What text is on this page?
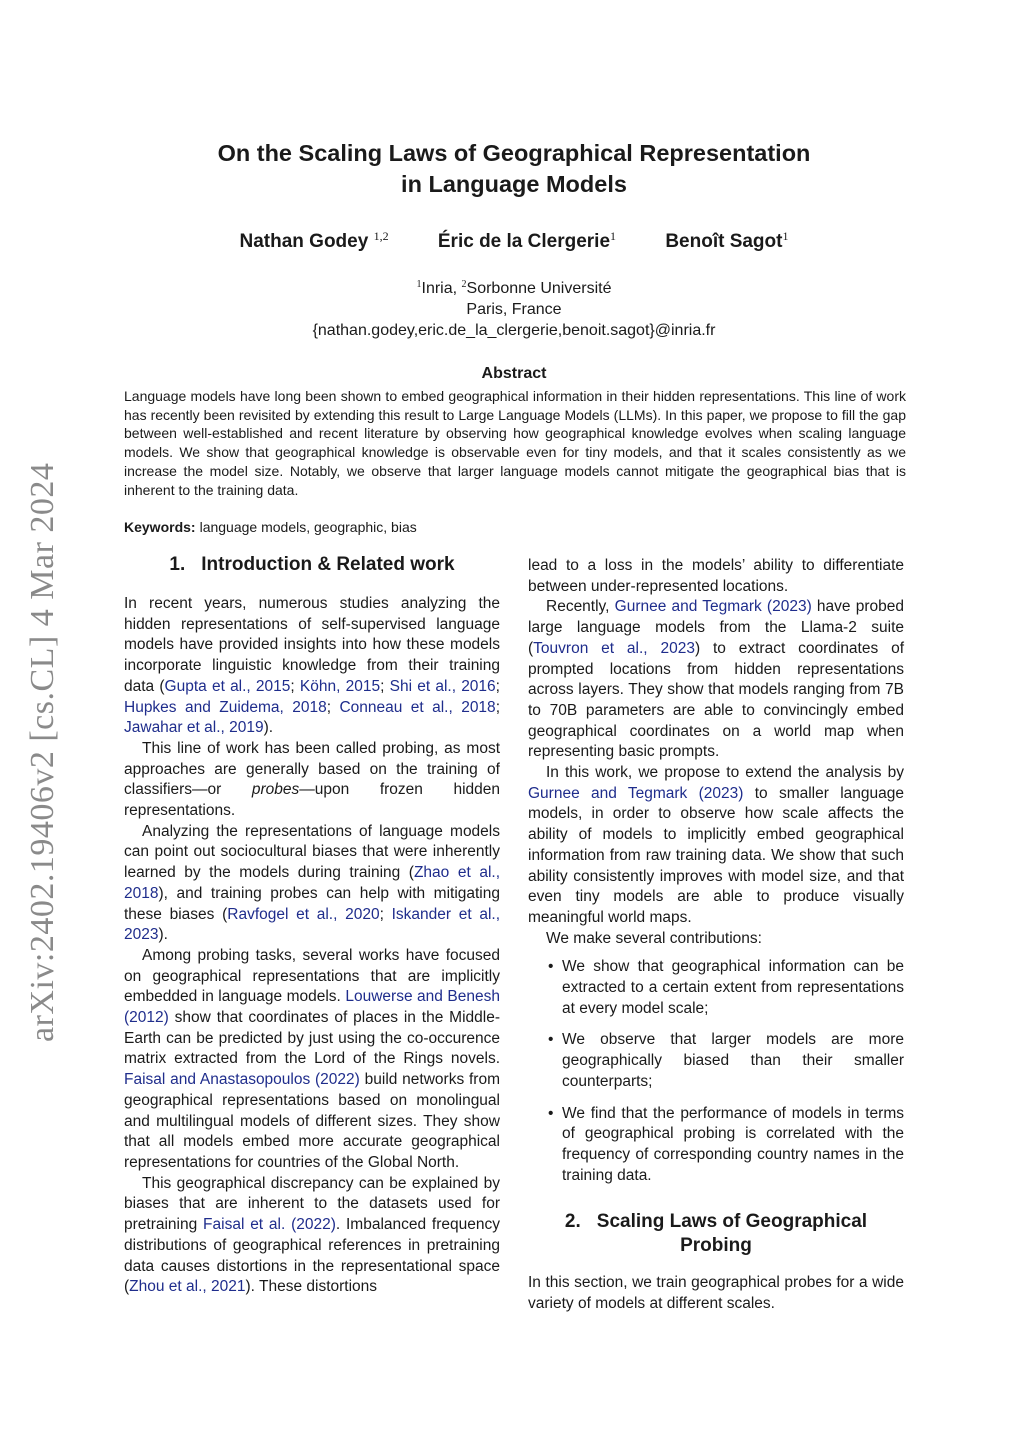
arXiv:2402.19406v2 [cs.CL] 4 Mar 2024
On the Scaling Laws of Geographical Representation
in Language Models
Nathan Godey $^{1,2}$	Éric de la Clergerie$^1$	Benoît Sagot$^1$
$^1$Inria, $^2$Sorbonne Université
Paris, France
{nathan.godey,eric.de_la_clergerie,benoit.sagot}@inria.fr
Abstract
Language models have long been shown to embed geographical information in their hidden representations. This line of work has recently been revisited by extending this result to Large Language Models (LLMs). In this paper, we propose to fill the gap between well-established and recent literature by observing how geographical knowledge evolves when scaling language models. We show that geographical knowledge is observable even for tiny models, and that it scales consistently as we increase the model size. Notably, we observe that larger language models cannot mitigate the geographical bias that is inherent to the training data.
Keywords: language models, geographic, bias
1. Introduction & Related work

In recent years, numerous studies analyzing the hidden representations of self-supervised language models have provided insights into how these models incorporate linguistic knowledge from their training data (Gupta et al., 2015; Köhn, 2015; Shi et al., 2016; Hupkes and Zuidema, 2018; Conneau et al., 2018; Jawahar et al., 2019).

This line of work has been called probing, as most approaches are generally based on the training of classifiers—or probes—upon frozen hidden representations.

Analyzing the representations of language models can point out sociocultural biases that were inherently learned by the models during training (Zhao et al., 2018), and training probes can help with mitigating these biases (Ravfogel et al., 2020; Iskander et al., 2023).

Among probing tasks, several works have focused on geographical representations that are implicitly embedded in language models. Louwerse and Benesh (2012) show that coordinates of places in the Middle-Earth can be predicted by just using the co-occurence matrix extracted from the Lord of the Rings novels. Faisal and Anastasopoulos (2022) build networks from geographical representations based on monolingual and multilingual models of different sizes. They show that all models embed more accurate geographical representations for countries of the Global North.

This geographical discrepancy can be explained by biases that are inherent to the datasets used for pretraining Faisal et al. (2022). Imbalanced frequency distributions of geographical references in pretraining data causes distortions in the representational space (Zhou et al., 2021). These distortions

lead to a loss in the models’ ability to differentiate between under-represented locations.

Recently, Gurnee and Tegmark (2023) have probed large language models from the Llama-2 suite (Touvron et al., 2023) to extract coordinates of prompted locations from hidden representations across layers. They show that models ranging from 7B to 70B parameters are able to convincingly embed geographical coordinates on a world map when representing basic prompts.

In this work, we propose to extend the analysis by Gurnee and Tegmark (2023) to smaller language models, in order to observe how scale affects the ability of models to implicitly embed geographical information from raw training data. We show that such ability consistently improves with model size, and that even tiny models are able to produce visually meaningful world maps.

We make several contributions:

• We show that geographical information can be extracted to a certain extent from representations at every model scale;
• We observe that larger models are more geographically biased than their smaller counterparts;
• We find that the performance of models in terms of geographical probing is correlated with the frequency of corresponding country names in the training data.
2. Scaling Laws of Geographical
Probing

In this section, we train geographical probes for a wide variety of models at different scales.
